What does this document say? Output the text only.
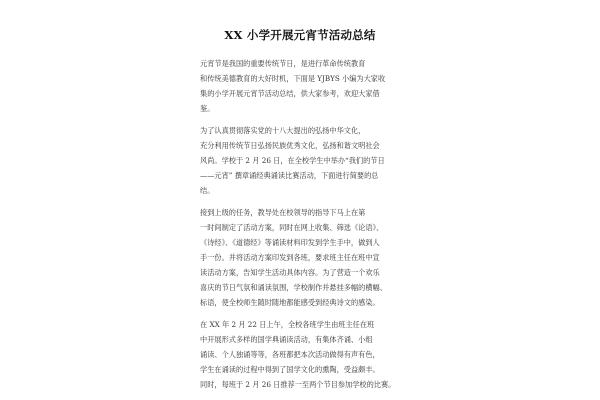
XX 小学开展元宵节活动总结
元宵节是我国的重要传统节日，是进行革命传统教育
和传统美德教育的大好时机，下面是 YJBYS 小编为大家收
集的小学开展元宵节活动总结，供大家参考，欢迎大家借
鉴。
为了认真贯彻落实党的十八大提出的弘扬中华文化，
充分利用传统节日弘扬民族优秀文化，弘扬和谐文明社会
风尚。学校于 2 月 26 日，在全校学生中举办“我们的节日
——元宵” 撰章诵经典诵读比赛活动，下面进行简要的总
结。
接到上级的任务，教导处在校领导的指导下马上在第
一时间制定了活动方案，同时在网上收集、筛选《论语》、
《诗经》、《道德经》等诵读材料印发到学生手中，做到人
手一份。并将活动方案印发到各班，要求班主任在班中宣
读活动方案，告知学生活动具体内容。为了营造一个欢乐
喜庆的节日气氛和诵读氛围，学校制作并悬挂多幅的横幅、
标语，使全校师生随时随地都能感受到经典诗文的感染。
在 XX 年 2 月 22 日上午，全校各班学生由班主任在班
中开展形式多样的国学典诵读活动，有集体齐诵、小组
诵读、个人独诵等等，各班都把本次活动做得有声有色，
学生在诵读的过程中得到了国学文化的熏陶，受益颇丰。
同时，每班于 2 月 26 日推荐一至两个节目参加学校的比赛。
